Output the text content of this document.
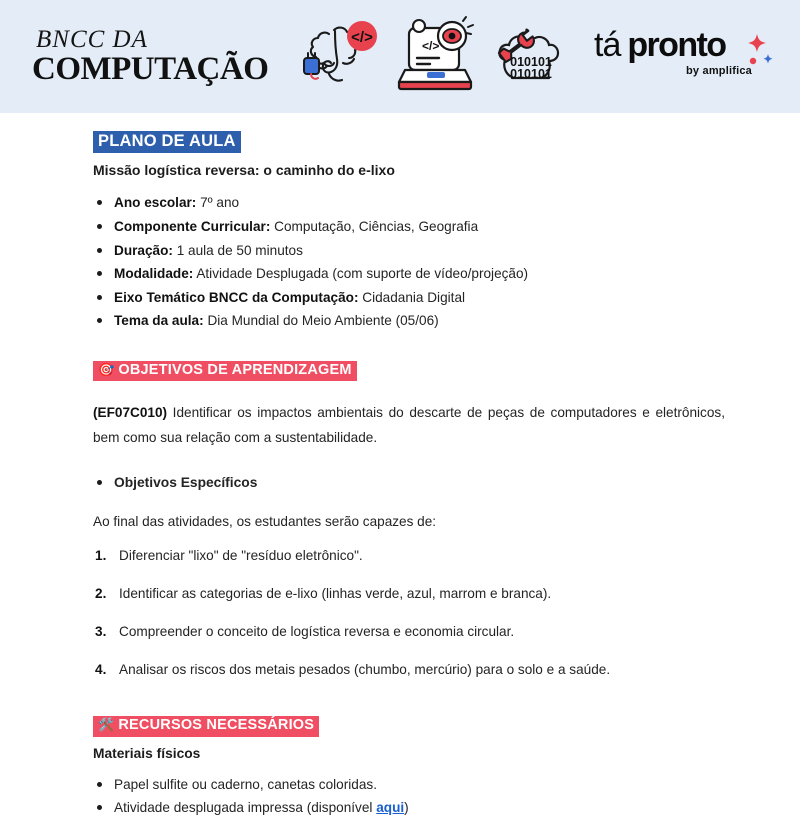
BNCC DA
COMPUTAÇÃO
</>	</>
010101
010101
tá pronto
by amplifica
PLANO DE AULA
Missão logística reversa: o caminho do e-lixo
Ano escolar: 7º ano
Componente Curricular: Computação, Ciências, Geografia
Duração: 1 aula de 50 minutos
Modalidade: Atividade Desplugada (com suporte de vídeo/projeção)
Eixo Temático BNCC da Computação: Cidadania Digital
Tema da aula: Dia Mundial do Meio Ambiente (05/06)
🎯 OBJETIVOS DE APRENDIZAGEM

(EF07C010) Identificar os impactos ambientais do descarte de peças de computadores e eletrônicos, bem como sua relação com a sustentabilidade.

Objetivos Específicos

Ao final das atividades, os estudantes serão capazes de:

Diferenciar "lixo" de "resíduo eletrônico".
Identificar as categorias de e-lixo (linhas verde, azul, marrom e branca).
Compreender o conceito de logística reversa e economia circular.
Analisar os riscos dos metais pesados (chumbo, mercúrio) para o solo e a saúde.
🛠️ RECURSOS NECESSÁRIOS
Materiais físicos
Papel sulfite ou caderno, canetas coloridas.
Atividade desplugada impressa (disponível aqui)
